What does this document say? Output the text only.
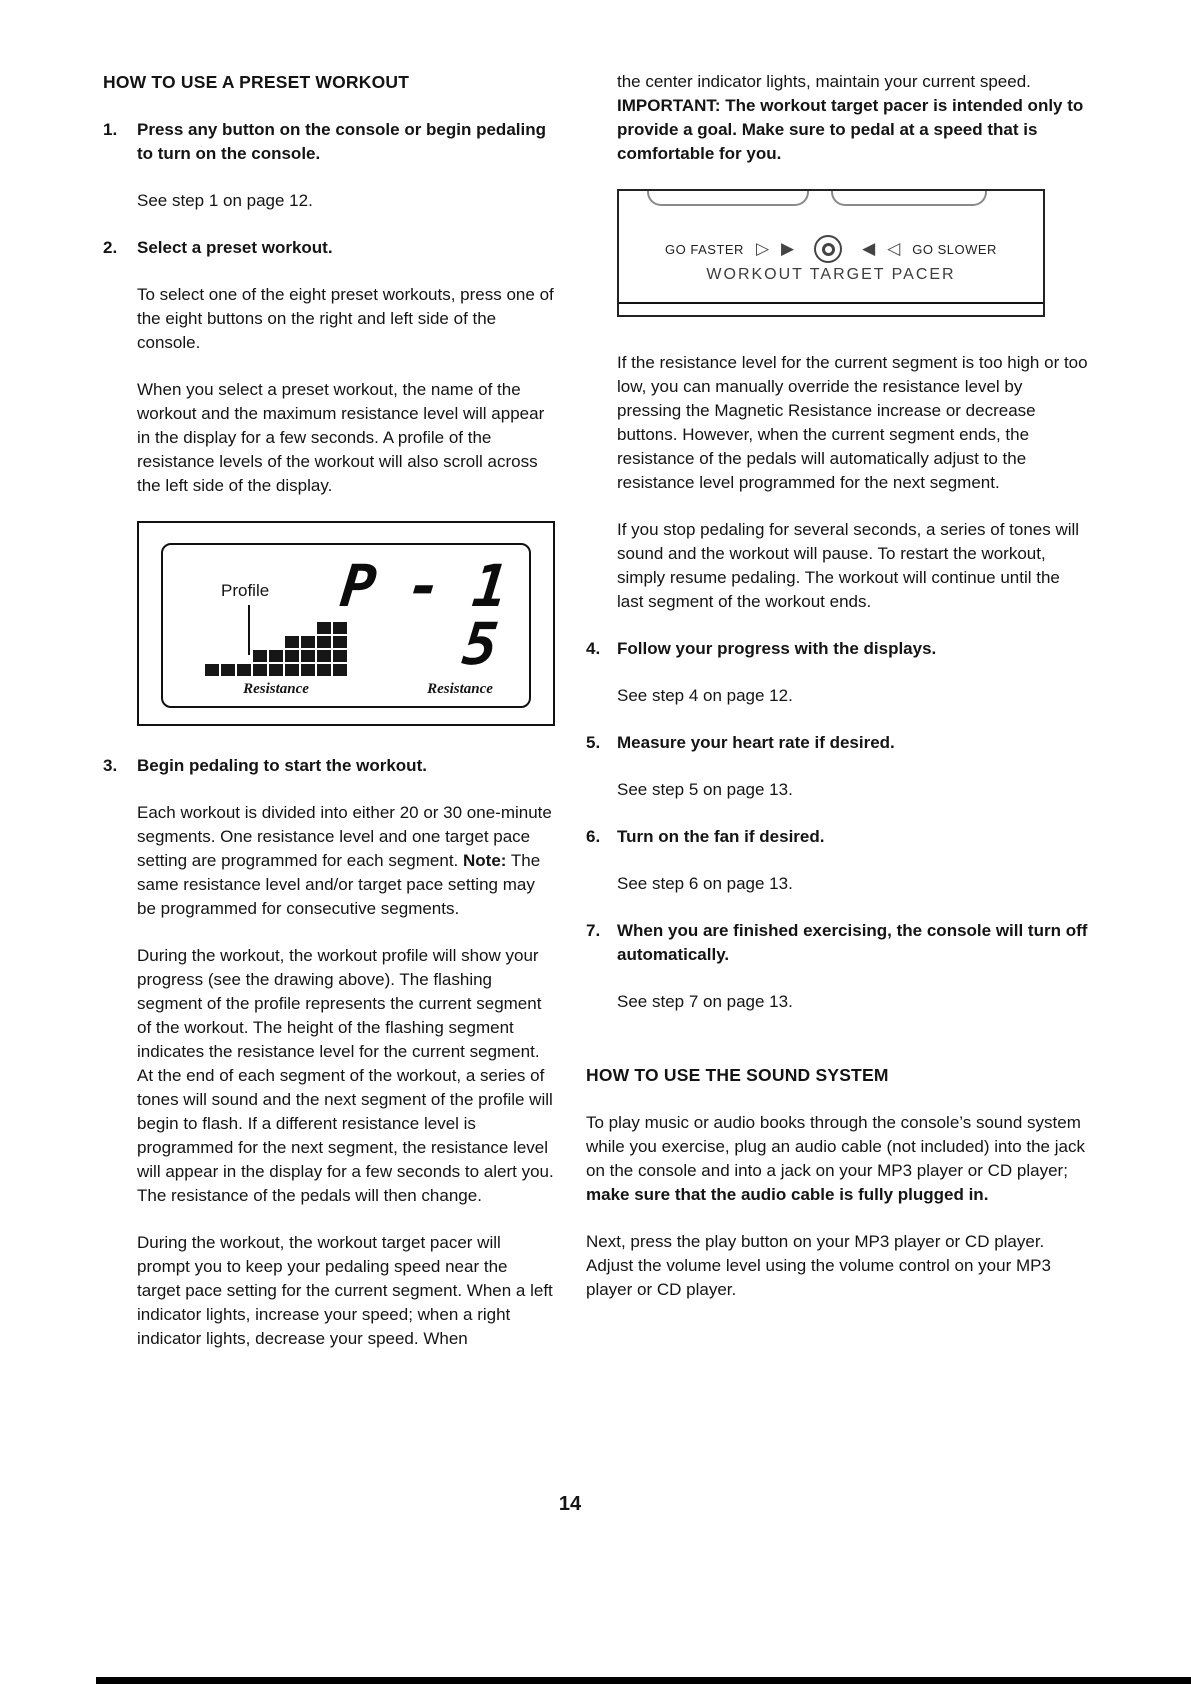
HOW TO USE A PRESET WORKOUT
1.	Press any button on the console or begin pedaling to turn on the console.

See step 1 on page 12.

2.	Select a preset workout.

To select one of the eight preset workouts, press one of the eight buttons on the right and left side of the console.

When you select a preset workout, the name of the workout and the maximum resistance level will appear in the display for a few seconds. A profile of the resistance levels of the workout will also scroll across the left side of the display.

Profile P - 1
5
Resistance	Resistance
3.	Begin pedaling to start the workout.

Each workout is divided into either 20 or 30 one-minute segments. One resistance level and one target pace setting are programmed for each segment. Note: The same resistance level and/or target pace setting may be programmed for consecutive segments.

During the workout, the workout profile will show your progress (see the drawing above). The flashing segment of the profile represents the current segment of the workout. The height of the flashing segment indicates the resistance level for the current segment. At the end of each segment of the workout, a series of tones will sound and the next segment of the profile will begin to flash. If a different resistance level is programmed for the next segment, the resistance level will appear in the display for a few seconds to alert you. The resistance of the pedals will then change.

During the workout, the workout target pacer will prompt you to keep your pedaling speed near the target pace setting for the current segment. When a left indicator lights, increase your speed; when a right indicator lights, decrease your speed. When

the center indicator lights, maintain your current speed. IMPORTANT: The workout target pacer is intended only to provide a goal. Make sure to pedal at a speed that is comfortable for you.

GO FASTER ▷ ▶	◀ ◁ GO SLOWER
WORKOUT TARGET PACER

If the resistance level for the current segment is too high or too low, you can manually override the resistance level by pressing the Magnetic Resistance increase or decrease buttons. However, when the current segment ends, the resistance of the pedals will automatically adjust to the resistance level programmed for the next segment.

If you stop pedaling for several seconds, a series of tones will sound and the workout will pause. To restart the workout, simply resume pedaling. The workout will continue until the last segment of the workout ends.

4. Follow your progress with the displays.

See step 4 on page 12.

5. Measure your heart rate if desired.

See step 5 on page 13.

6. Turn on the fan if desired.

See step 6 on page 13.

7. When you are finished exercising, the console will turn off automatically.

See step 7 on page 13.

HOW TO USE THE SOUND SYSTEM

To play music or audio books through the console’s sound system while you exercise, plug an audio cable (not included) into the jack on the console and into a jack on your MP3 player or CD player; make sure that the audio cable is fully plugged in.

Next, press the play button on your MP3 player or CD player. Adjust the volume level using the volume control on your MP3 player or CD player.

14
